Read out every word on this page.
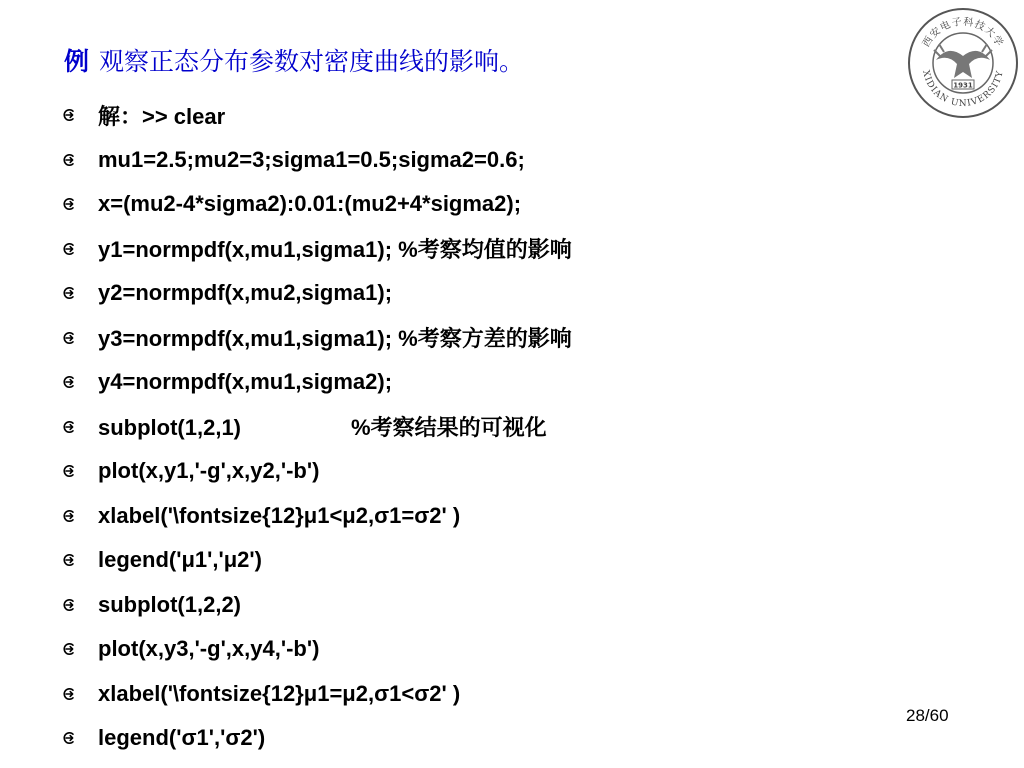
例 观察正态分布参数对密度曲线的影响。
西安电子科技大学
XIDIAN UNIVERSITY
1931
解：>> clear
mu1=2.5;mu2=3;sigma1=0.5;sigma2=0.6;
x=(mu2-4*sigma2):0.01:(mu2+4*sigma2);
y1=normpdf(x,mu1,sigma1); %考察均值的影响
y2=normpdf(x,mu2,sigma1);
y3=normpdf(x,mu1,sigma1); %考察方差的影响
y4=normpdf(x,mu1,sigma2);
subplot(1,2,1)                  %考察结果的可视化
plot(x,y1,'-g',x,y2,'-b')
xlabel('\fontsize{12}μ1<μ2,σ1=σ2' )
legend('μ1','μ2')
subplot(1,2,2)
plot(x,y3,'-g',x,y4,'-b')
xlabel('\fontsize{12}μ1=μ2,σ1<σ2' )
legend('σ1','σ2')
28/60
